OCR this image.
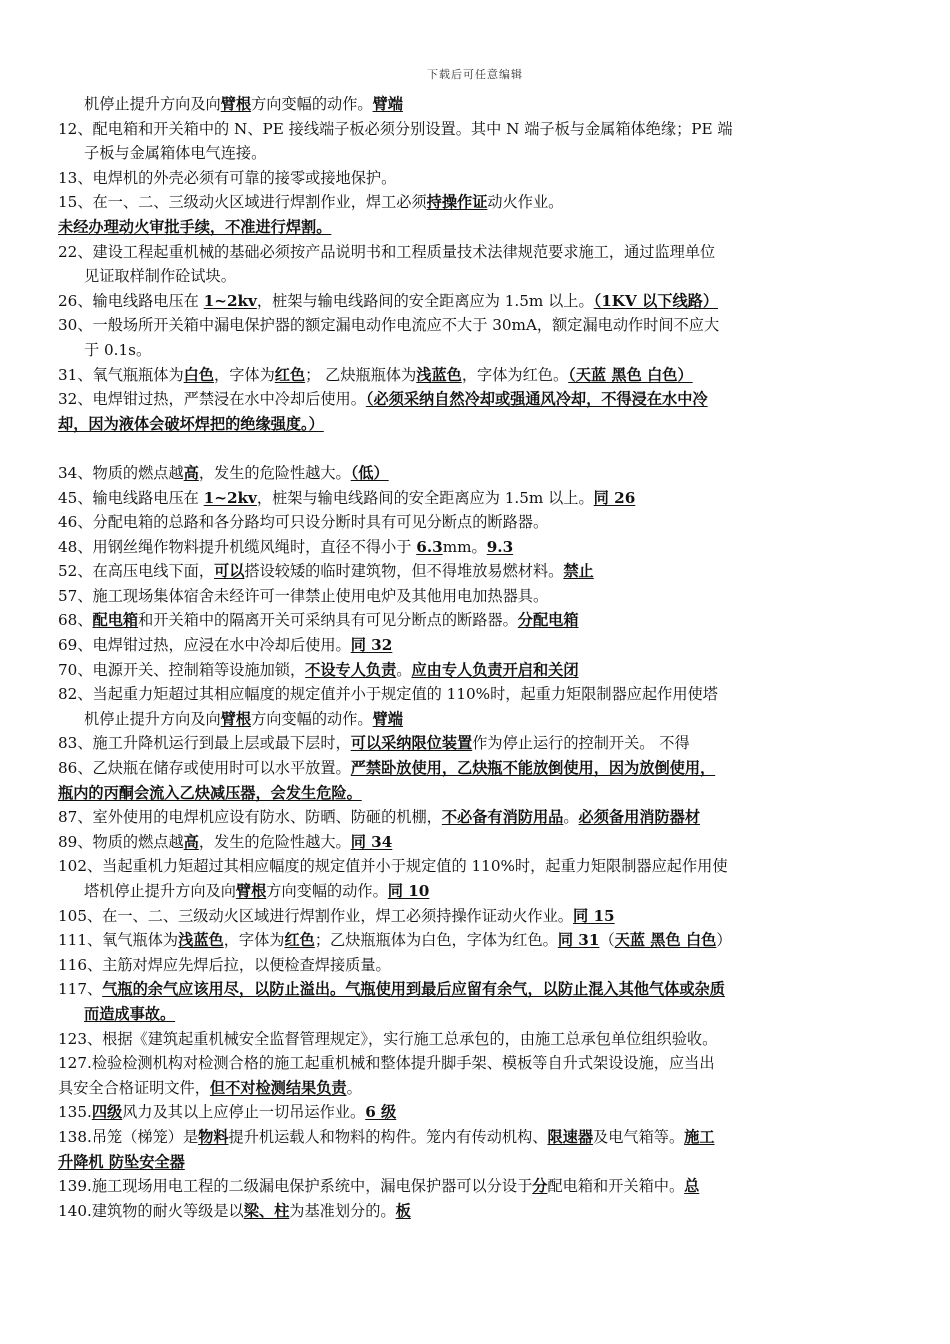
下载后可任意编辑
机停止提升方向及向臂根方向变幅的动作。臂端
12、配电箱和开关箱中的 N、PE 接线端子板必须分别设置。其中 N 端子板与金属箱体绝缘；PE 端
子板与金属箱体电气连接。
13、电焊机的外壳必须有可靠的接零或接地保护。
15、在一、二、三级动火区域进行焊割作业，焊工必须持操作证动火作业。
未经办理动火审批手续，不准进行焊割。
22、建设工程起重机械的基础必须按产品说明书和工程质量技术法律规范要求施工，通过监理单位
见证取样制作砼试块。
26、输电线路电压在 1~2kv，桩架与输电线路间的安全距离应为 1.5m 以上。（1KV 以下线路）
30、一般场所开关箱中漏电保护器的额定漏电动作电流应不大于 30mA，额定漏电动作时间不应大
于 0.1s。
31、氧气瓶瓶体为白色，字体为红色； 乙炔瓶瓶体为浅蓝色，字体为红色。（天蓝 黑色 白色）
32、电焊钳过热，严禁浸在水中冷却后使用。（必须采纳自然冷却或强通风冷却，不得浸在水中冷
却，因为液体会破坏焊把的绝缘强度。）
34、物质的燃点越高，发生的危险性越大。（低）
45、输电线路电压在 1~2kv，桩架与输电线路间的安全距离应为 1.5m 以上。同 26
46、分配电箱的总路和各分路均可只设分断时具有可见分断点的断路器。
48、用钢丝绳作物料提升机缆风绳时，直径不得小于 6.3mm。9.3
52、在高压电线下面，可以搭设较矮的临时建筑物，但不得堆放易燃材料。禁止
57、施工现场集体宿舍未经许可一律禁止使用电炉及其他用电加热器具。
68、配电箱和开关箱中的隔离开关可采纳具有可见分断点的断路器。分配电箱
69、电焊钳过热，应浸在水中冷却后使用。同 32
70、电源开关、控制箱等设施加锁，不设专人负责。应由专人负责开启和关闭
82、当起重力矩超过其相应幅度的规定值并小于规定值的 110%时，起重力矩限制器应起作用使塔
机停止提升方向及向臂根方向变幅的动作。臂端
83、施工升降机运行到最上层或最下层时，可以采纳限位装置作为停止运行的控制开关。 不得
86、乙炔瓶在储存或使用时可以水平放置。严禁卧放使用，乙炔瓶不能放倒使用，因为放倒使用，
瓶内的丙酮会流入乙炔减压器，会发生危险。
87、室外使用的电焊机应设有防水、防晒、防砸的机棚，不必备有消防用品。必须备用消防器材
89、物质的燃点越高，发生的危险性越大。同 34
102、当起重机力矩超过其相应幅度的规定值并小于规定值的 110%时，起重力矩限制器应起作用使
塔机停止提升方向及向臂根方向变幅的动作。同 10
105、在一、二、三级动火区域进行焊割作业，焊工必须持操作证动火作业。同 15
111、氧气瓶体为浅蓝色，字体为红色；乙炔瓶瓶体为白色，字体为红色。同 31（天蓝 黑色 白色）
116、主筋对焊应先焊后拉，以便检查焊接质量。
117、气瓶的余气应该用尽，以防止溢出。气瓶使用到最后应留有余气，以防止混入其他气体或杂质
而造成事故。
123、根据《建筑起重机械安全监督管理规定》，实行施工总承包的，由施工总承包单位组织验收。
127.检验检测机构对检测合格的施工起重机械和整体提升脚手架、模板等自升式架设设施，应当出
具安全合格证明文件，但不对检测结果负责。
135.四级风力及其以上应停止一切吊运作业。6 级
138.吊笼（梯笼）是物料提升机运载人和物料的构件。笼内有传动机构、限速器及电气箱等。施工
升降机 防坠安全器
139.施工现场用电工程的二级漏电保护系统中，漏电保护器可以分设于分配电箱和开关箱中。总
140.建筑物的耐火等级是以梁、柱为基准划分的。板
